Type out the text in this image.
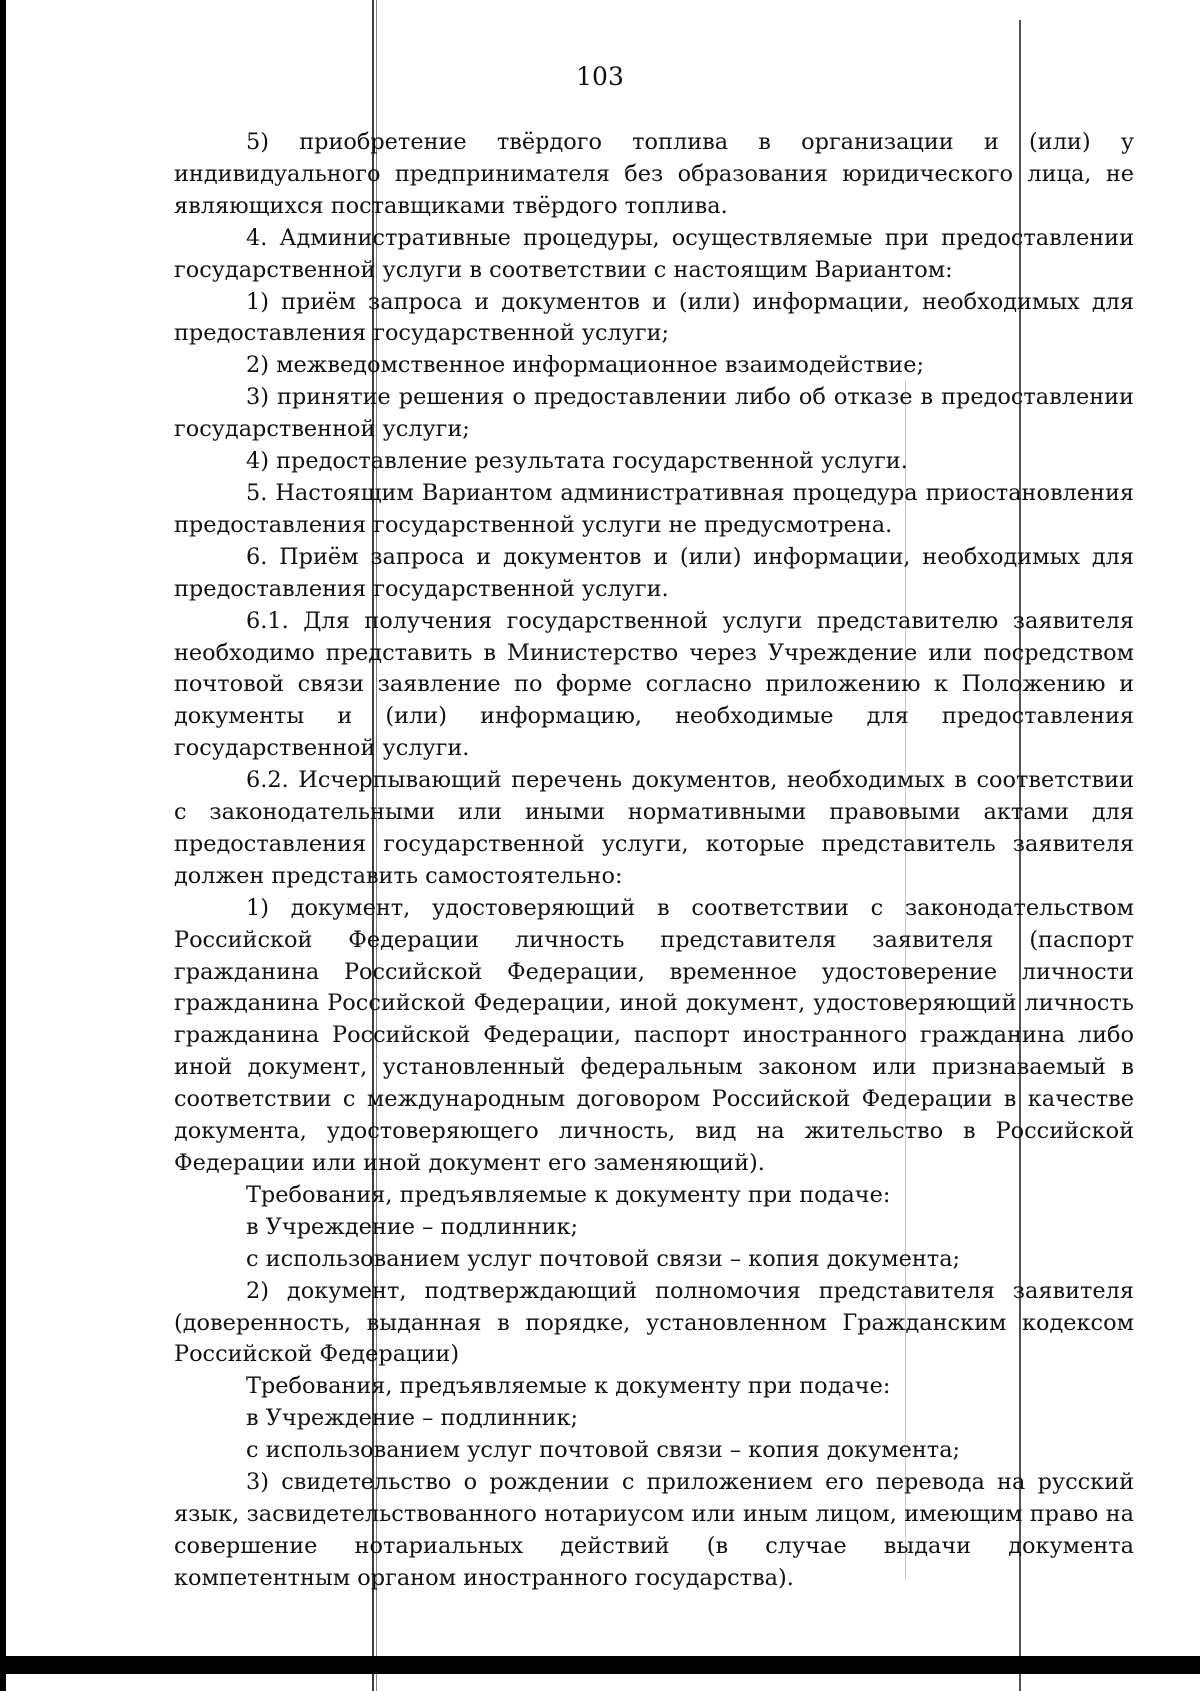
103

5) приобретение твёрдого топлива в организации и (или) у индивидуального предпринимателя без образования юридического лица, не являющихся поставщиками твёрдого топлива.

4. Административные процедуры, осуществляемые при предоставлении государственной услуги в соответствии с настоящим Вариантом:

1) приём запроса и документов и (или) информации, необходимых для предоставления государственной услуги;

2) межведомственное информационное взаимодействие;

3) принятие решения о предоставлении либо об отказе в предоставлении государственной услуги;

4) предоставление результата государственной услуги.

5. Настоящим Вариантом административная процедура приостановления предоставления государственной услуги не предусмотрена.

6. Приём запроса и документов и (или) информации, необходимых для предоставления государственной услуги.

6.1. Для получения государственной услуги представителю заявителя необходимо представить в Министерство через Учреждение или посредством почтовой связи заявление по форме согласно приложению к Положению и документы и (или) информацию, необходимые для предоставления государственной услуги.

6.2. Исчерпывающий перечень документов, необходимых в соответствии с законодательными или иными нормативными правовыми актами для предоставления государственной услуги, которые представитель заявителя должен представить самостоятельно:

1) документ, удостоверяющий в соответствии с законодательством Российской Федерации личность представителя заявителя (паспорт гражданина Российской Федерации, временное удостоверение личности гражданина Российской Федерации, иной документ, удостоверяющий личность гражданина Российской Федерации, паспорт иностранного гражданина либо иной документ, установленный федеральным законом или признаваемый в соответствии с международным договором Российской Федерации в качестве документа, удостоверяющего личность, вид на жительство в Российской Федерации или иной документ его заменяющий).

Требования, предъявляемые к документу при подаче:

в Учреждение – подлинник;

с использованием услуг почтовой связи – копия документа;

2) документ, подтверждающий полномочия представителя заявителя (доверенность, выданная в порядке, установленном Гражданским кодексом Российской Федерации)

Требования, предъявляемые к документу при подаче:

в Учреждение – подлинник;

с использованием услуг почтовой связи – копия документа;

3) свидетельство о рождении с приложением его перевода на русский язык, засвидетельствованного нотариусом или иным лицом, имеющим право на совершение нотариальных действий (в случае выдачи документа компетентным органом иностранного государства).
